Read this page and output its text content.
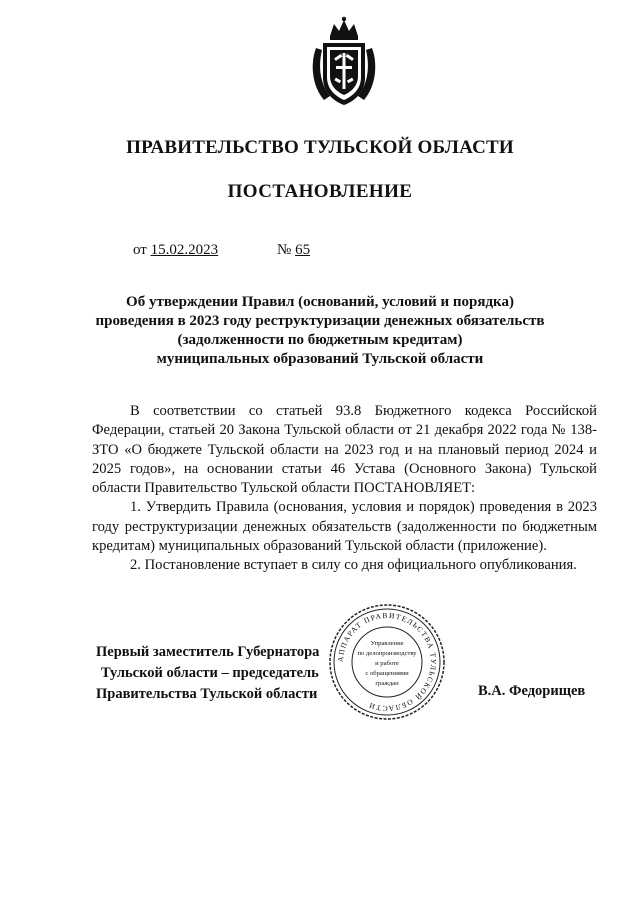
ПРАВИТЕЛЬСТВО ТУЛЬСКОЙ ОБЛАСТИ
ПОСТАНОВЛЕНИЕ
от 15.02.2023	№ 65
Об утверждении Правил (оснований, условий и порядка)
проведения в 2023 году реструктуризации денежных обязательств
(задолженности по бюджетным кредитам)
муниципальных образований Тульской области

В соответствии со статьей 93.8 Бюджетного кодекса Российской Федерации, статьей 20 Закона Тульской области от 21 декабря 2022 года № 138-ЗТО «О бюджете Тульской области на 2023 год и на плановый период 2024 и 2025 годов», на основании статьи 46 Устава (Основного Закона) Тульской области Правительство Тульской области ПОСТАНОВЛЯЕТ:

1. Утвердить Правила (основания, условия и порядок) проведения в 2023 году реструктуризации денежных обязательств (задолженности по бюджетным кредитам) муниципальных образований Тульской области (приложение).

2. Постановление вступает в силу со дня официального опубликования.

Первый заместитель Губернатора
Тульской области – председатель
Правительства Тульской области	В.А. Федорищев
АППАРАТ ПРАВИТЕЛЬСТВА ТУЛЬСКОЙ ОБЛАСТИ
Управление
по делопроизводству
и работе
с обращениями
граждан
